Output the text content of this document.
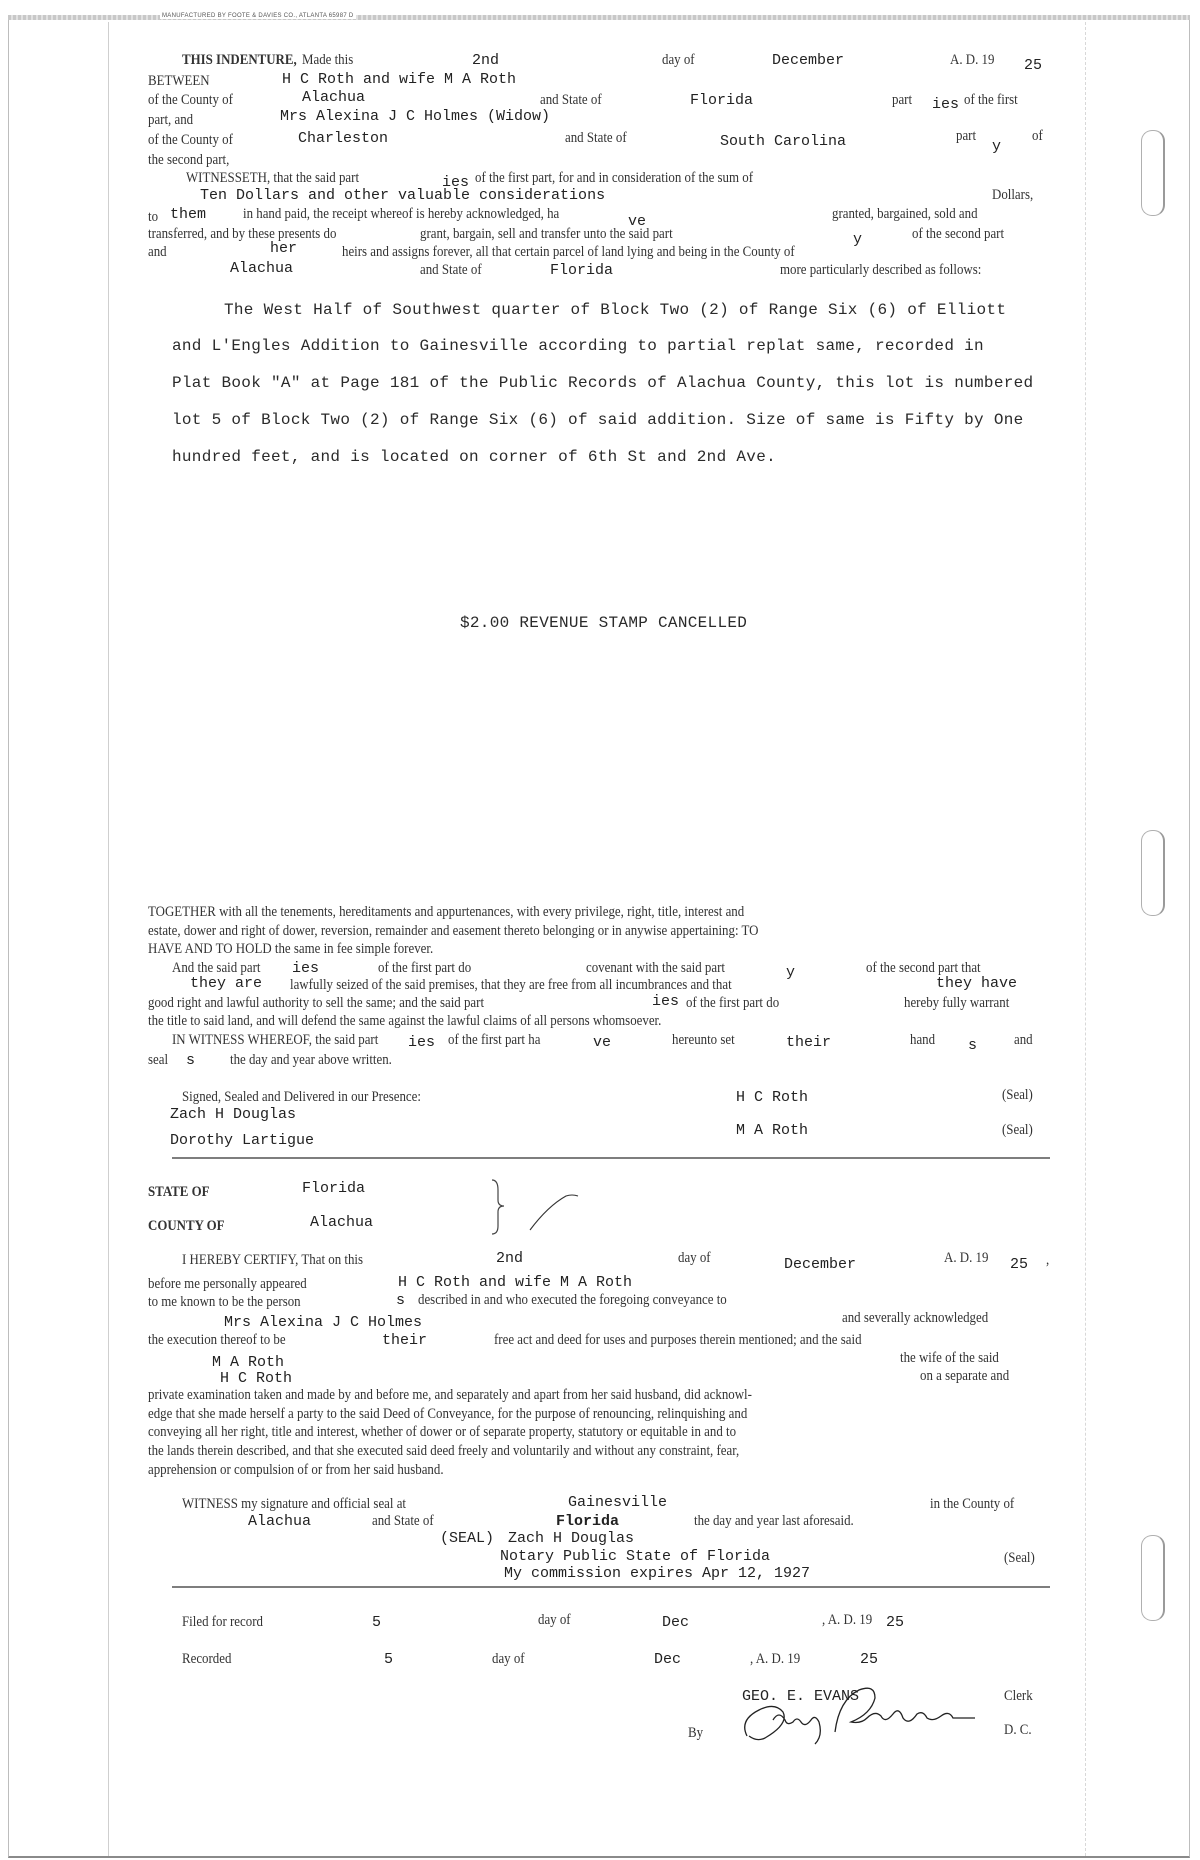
MANUFACTURED BY FOOTE & DAVIES CO., ATLANTA 65987 D
THIS INDENTURE, Made this	2nd	day of	December	A. D. 19 25
BETWEEN	H C Roth and wife M A Roth
of the County of	Alachua	and State of	Florida	part ies of the first
part, and	Mrs Alexina J C Holmes (Widow)
of the County of	Charleston	and State of	South Carolina	part
y
of
the second part,
WITNESSETH, that the said part	ies of the first part, for and in consideration of the sum of
Ten Dollars and other valuable considerations	Dollars,
to them in hand paid, the receipt whereof is hereby acknowledged, ha	ve	granted, bargained, sold and
transferred, and by these presents do	grant, bargain, sell and transfer unto the said part	y	of the second part
and	her	heirs and assigns forever, all that certain parcel of land lying and being in the County of
Alachua	and State of	Florida	more particularly described as follows:
The West Half of Southwest quarter of Block Two (2) of Range Six (6) of Elliott
and L'Engles Addition to Gainesville according to partial replat same, recorded in
Plat Book "A" at Page 181 of the Public Records of Alachua County, this lot is numbered
lot 5 of Block Two (2) of Range Six (6) of said addition. Size of same is Fifty by One
hundred feet, and is located on corner of 6th St and 2nd Ave.
$2.00 REVENUE STAMP CANCELLED
TOGETHER with all the tenements, hereditaments and appurtenances, with every privilege, right, title, interest and
estate, dower and right of dower, reversion, remainder and easement thereto belonging or in anywise appertaining: TO
HAVE AND TO HOLD the same in fee simple forever.
And the said part ies	of the first part do	covenant with the said part	y	of the second part that
they are lawfully seized of the said premises, that they are free from all incumbrances and that	they have
good right and lawful authority to sell the same; and the said part	ies of the first part do	hereby fully warrant
the title to said land, and will defend the same against the lawful claims of all persons whomsoever.
IN WITNESS WHEREOF, the said part ies of the first part ha	ve	hereunto set	their	hand s and
seal s the day and year above written.
Signed, Sealed and Delivered in our Presence:
Zach H Douglas
Dorothy Lartigue
H C Roth
M A Roth
(Seal)
(Seal)
STATE OF	Florida
COUNTY OF	Alachua
I HEREBY CERTIFY, That on this	2nd	day of	December	A. D. 19 25 ,
before me personally appeared	H C Roth and wife M A Roth
to me known to be the person	s described in and who executed the foregoing conveyance to
Mrs Alexina J C Holmes	and severally acknowledged
the execution thereof to be	their	free act and deed for uses and purposes therein mentioned; and the said
M A Roth	the wife of the said
H C Roth	on a separate and
private examination taken and made by and before me, and separately and apart from her said husband, did acknowl-
edge that she made herself a party to the said Deed of Conveyance, for the purpose of renouncing, relinquishing and
conveying all her right, title and interest, whether of dower or of separate property, statutory or equitable in and to
the lands therein described, and that she executed said deed freely and voluntarily and without any constraint, fear,
apprehension or compulsion of or from her said husband.
WITNESS my signature and official seal at	Gainesville	in the County of
Alachua	and State of	Florida	the day and year last aforesaid.
(SEAL) Zach H Douglas
Notary Public State of Florida	(Seal)
My commission expires Apr 12, 1927
Filed for record	5	day of	Dec	, A. D. 19 25
Recorded	5	day of	Dec	, A. D. 19	25
GEO. E. EVANS	Clerk
By	D. C.
